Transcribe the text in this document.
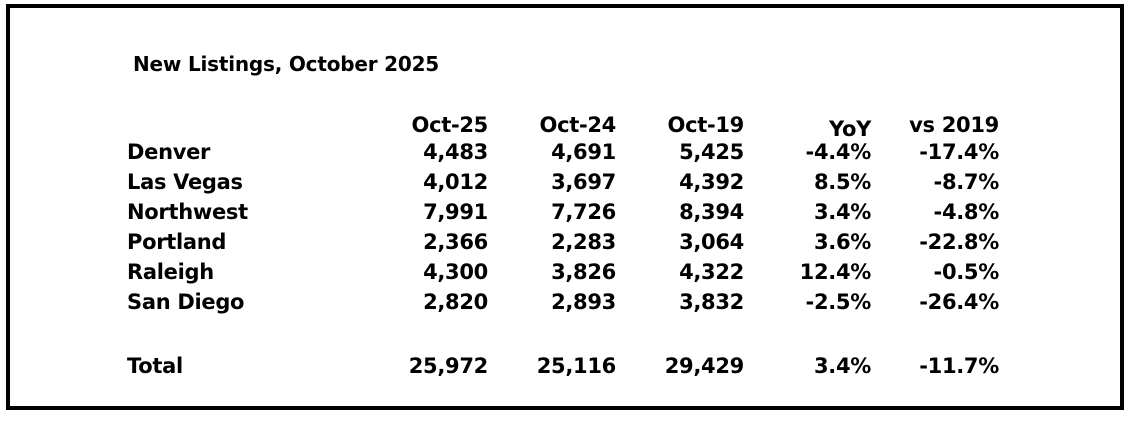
New Listings, October 2025
Oct-25 Oct-24 Oct-19	YoY vs 2019
Denver	4,483	4,691	5,425	-4.4% -17.4%
Las Vegas	4,012	3,697	4,392	8.5%	-8.7%
Northwest	7,991	7,726	8,394	3.4%	-4.8%
Portland	2,366	2,283	3,064	3.6% -22.8%
Raleigh	4,300	3,826	4,322	12.4%	-0.5%
San Diego	2,820	2,893	3,832	-2.5% -26.4%
Total	25,972 25,116 29,429	3.4% -11.7%
